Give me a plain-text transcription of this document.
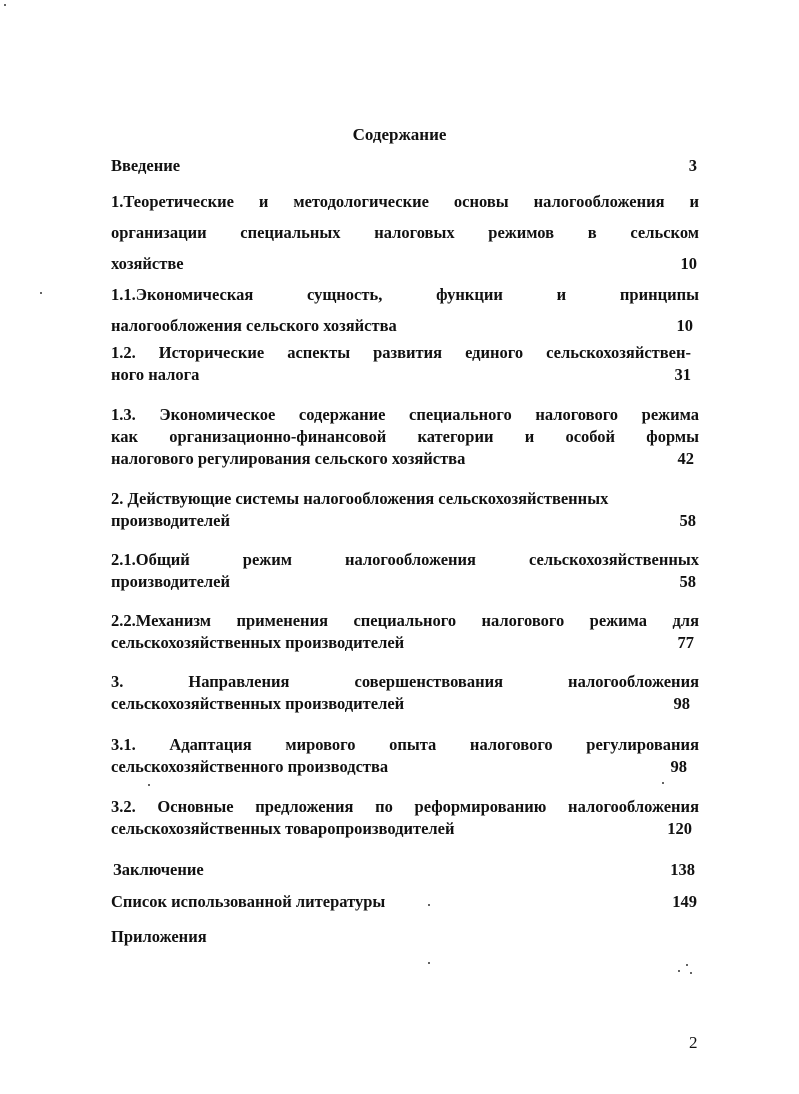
Содержание
Введение	3
1.Теоретические и методологические основы налогообложения и
организации специальных налоговых режимов в сельском
хозяйстве	10
1.1.Экономическая сущность, функции и принципы
налогообложения сельского хозяйства	10
1.2. Исторические аспекты развития единого сельскохозяйствен-
ного налога	31
1.3. Экономическое содержание специального налогового режима
как организационно-финансовой категории и особой формы
налогового регулирования сельского хозяйства	42
2. Действующие системы налогообложения сельскохозяйственных
производителей	58
2.1.Общий режим налогообложения сельскохозяйственных
производителей	58
2.2.Механизм применения специального налогового режима для
сельскохозяйственных производителей	77
3. Направления совершенствования налогообложения
сельскохозяйственных производителей	98
3.1. Адаптация мирового опыта налогового регулирования
сельскохозяйственного производства	98
3.2. Основные предложения по реформированию налогообложения
сельскохозяйственных товаропроизводителей	120
Заключение	138
Список использованной литературы	149
Приложения
2
